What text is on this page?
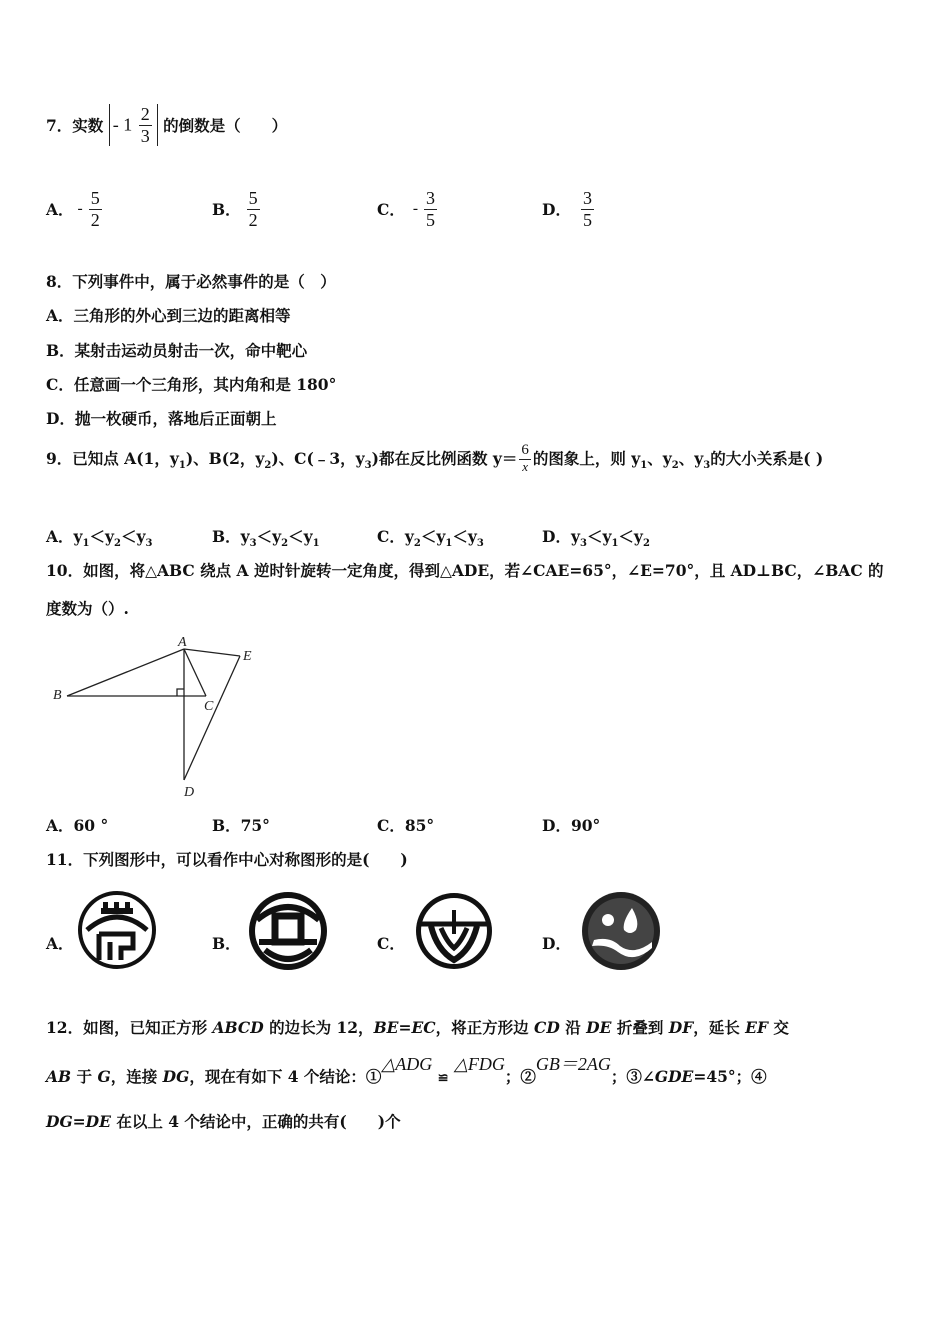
7．实数 - $1 \frac{2}{3}$ 的倒数是（　　）
A． - $\frac{5}{2}$	B． $\frac{5}{2}$	C． - $\frac{3}{5}$	D． $\frac{3}{5}$
8．下列事件中，属于必然事件的是（　）
A．三角形的外心到三边的距离相等
B．某射击运动员射击一次，命中靶心
C．任意画一个三角形，其内角和是 180°
D．抛一枚硬币，落地后正面朝上
9．已知点 A(1，$y_1$)、B(2，$y_2$)、C(﹣3，$y_3$)都在反比例函数 $y= \frac{6}{x}$ 的图象上，则 $y_1$、$y_2$、$y_3$的大小关系是( )
A．$y_1<y_2<y_3$	B．$y_3<y_2<y_1$	C．$y_2<y_1<y_3$	D．$y_3<y_1<y_2$
10．如图，将△ABC 绕点 A 逆时针旋转一定角度，得到△ADE，若∠CAE=65°，∠E=70°，且 AD⊥BC，∠BAC 的
度数为（）.
A
B
C
D
E
A．60 °	B．75°	C．85°	D．90°
11．下列图形中，可以看作中心对称图形的是(　　)
A．	B．	C．	D．
12．如图，已知正方形 ABCD 的边长为 12，BE=EC，将正方形边 CD 沿 DE 折叠到 DF，延长 EF 交
AB 于 G，连接 DG，现在有如下 4 个结论：①△ADG ≌ △FDG；②GB＝2AG；③∠GDE=45°；④
DG=DE 在以上 4 个结论中，正确的共有(　　)个
